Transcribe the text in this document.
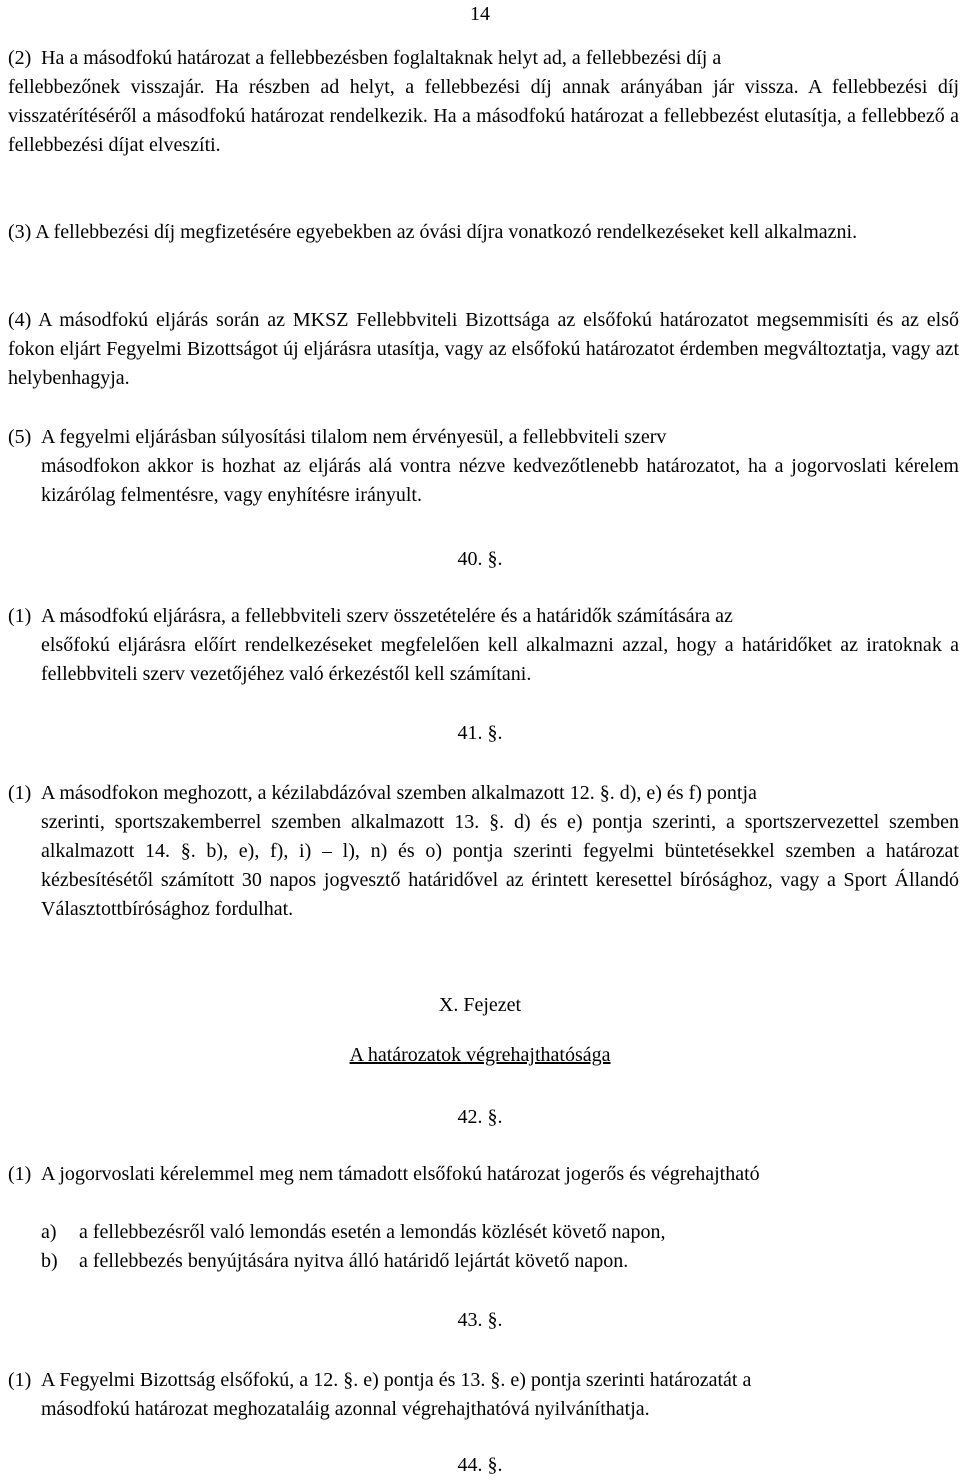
14
(2) Ha a másodfokú határozat a fellebbezésben foglaltaknak helyt ad, a fellebbezési díj a
fellebbezőnek visszajár. Ha részben ad helyt, a fellebbezési díj annak arányában jár vissza. A fellebbezési díj visszatérítéséről a másodfokú határozat rendelkezik. Ha a másodfokú határozat a fellebbezést elutasítja, a fellebbező a fellebbezési díjat elveszíti.
(3) A fellebbezési díj megfizetésére egyebekben az óvási díjra vonatkozó rendelkezéseket kell alkalmazni.
(4) A másodfokú eljárás során az MKSZ Fellebbviteli Bizottsága az elsőfokú határozatot megsemmisíti és az első fokon eljárt Fegyelmi Bizottságot új eljárásra utasítja, vagy az elsőfokú határozatot érdemben megváltoztatja, vagy azt helybenhagyja.
(5) A fegyelmi eljárásban súlyosítási tilalom nem érvényesül, a fellebbviteli szerv
másodfokon akkor is hozhat az eljárás alá vontra nézve kedvezőtlenebb határozatot, ha a jogorvoslati kérelem kizárólag felmentésre, vagy enyhítésre irányult.
40. §.
(1) A másodfokú eljárásra, a fellebbviteli szerv összetételére és a határidők számítására az
elsőfokú eljárásra előírt rendelkezéseket megfelelően kell alkalmazni azzal, hogy a határidőket az iratoknak a fellebbviteli szerv vezetőjéhez való érkezéstől kell számítani.
41. §.
(1) A másodfokon meghozott, a kézilabdázóval szemben alkalmazott 12. §. d), e) és f) pontja
szerinti, sportszakemberrel szemben alkalmazott 13. §. d) és e) pontja szerinti, a sportszervezettel szemben alkalmazott 14. §. b), e), f), i) – l), n) és o) pontja szerinti fegyelmi büntetésekkel szemben a határozat kézbesítésétől számított 30 napos jogvesztő határidővel az érintett keresettel bírósághoz, vagy a Sport Állandó Választottbírósághoz fordulhat.
X. Fejezet
A határozatok végrehajthatósága
42. §.
(1) A jogorvoslati kérelemmel meg nem támadott elsőfokú határozat jogerős és végrehajtható
a) a fellebbezésről való lemondás esetén a lemondás közlését követő napon,
b) a fellebbezés benyújtására nyitva álló határidő lejártát követő napon.
43. §.
(1) A Fegyelmi Bizottság elsőfokú, a 12. §. e) pontja és 13. §. e) pontja szerinti határozatát a
másodfokú határozat meghozataláig azonnal végrehajthatóvá nyilváníthatja.
44. §.
